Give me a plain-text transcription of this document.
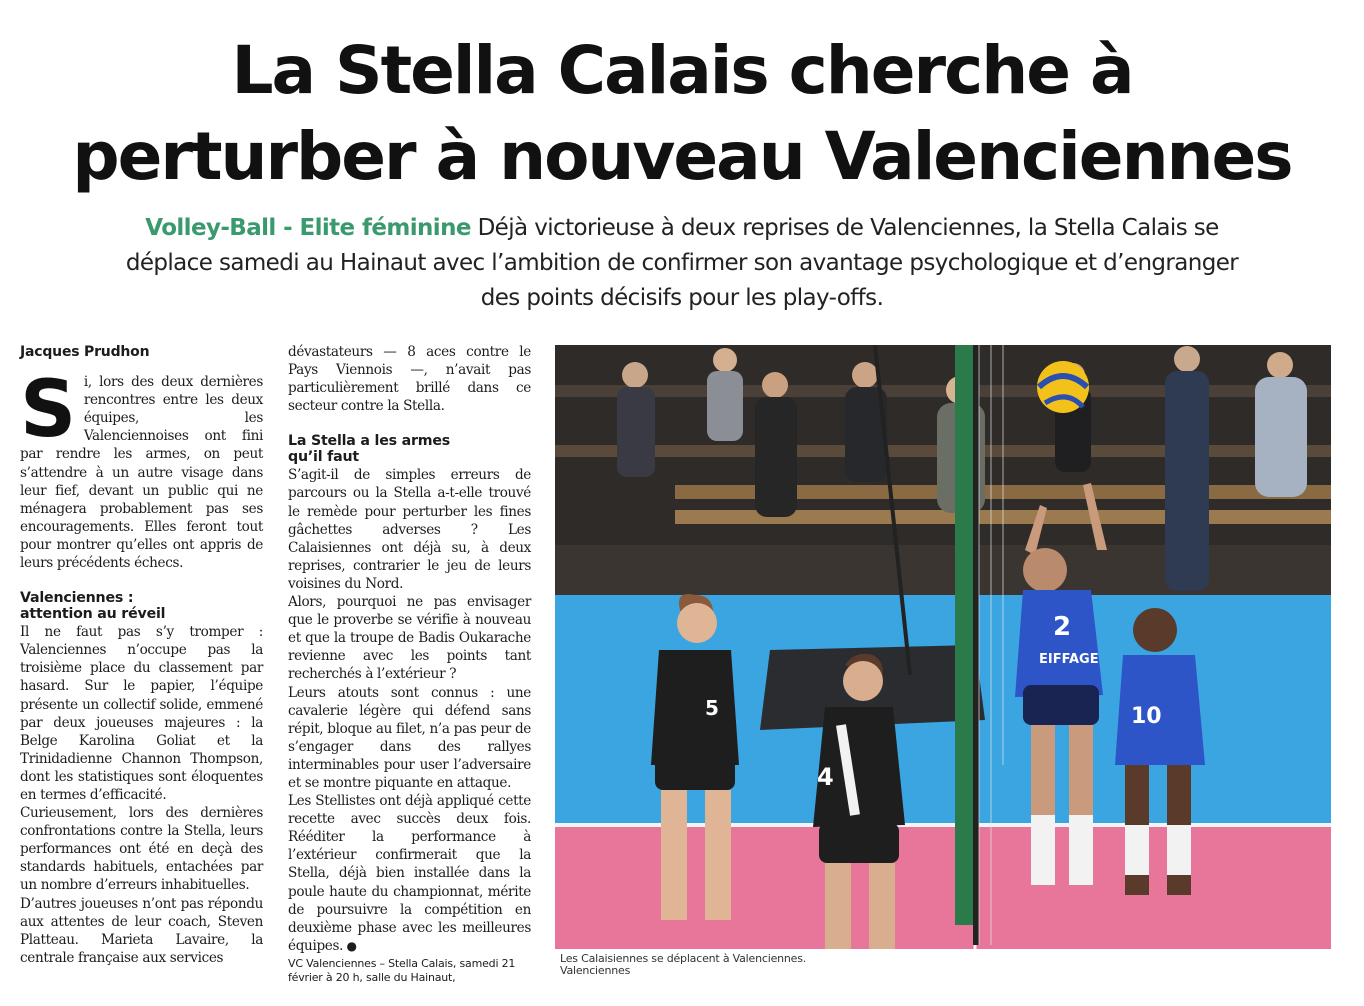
La Stella Calais cherche à
perturber à nouveau Valenciennes

Volley-Ball - Elite féminine Déjà victorieuse à deux reprises de Valenciennes, la Stella Calais se déplace samedi au Hainaut avec l’ambition de confirmer son avantage psychologique et d’engranger des points décisifs pour les play-offs.

Jacques Prudhon

Si, lors des deux dernières rencontres entre les deux équipes, les Valenciennoises ont fini par rendre les armes, on peut s’attendre à un autre visage dans leur fief, devant un public qui ne ménagera probablement pas ses encouragements. Elles feront tout pour montrer qu’elles ont appris de leurs précédents échecs.

Valenciennes :
attention au réveil

Il ne faut pas s’y tromper : Valenciennes n’occupe pas la troisième place du classement par hasard. Sur le papier, l’équipe présente un collectif solide, emmené par deux joueuses majeures : la Belge Karolina Goliat et la Trinidadienne Channon Thompson, dont les statistiques sont éloquentes en termes d’efficacité.

Curieusement, lors des dernières confrontations contre la Stella, leurs performances ont été en deçà des standards habituels, entachées par un nombre d’erreurs inhabituelles.

D’autres joueuses n’ont pas répondu aux attentes de leur coach, Steven Platteau. Marieta Lavaire, la centrale française aux services

dévastateurs — 8 aces contre le Pays Viennois —, n’avait pas particulièrement brillé dans ce secteur contre la Stella.

La Stella a les armes
qu’il faut

S’agit-il de simples erreurs de parcours ou la Stella a-t-elle trouvé le remède pour perturber les fines gâchettes adverses ? Les Calaisiennes ont déjà su, à deux reprises, contrarier le jeu de leurs voisines du Nord.

Alors, pourquoi ne pas envisager que le proverbe se vérifie à nouveau et que la troupe de Badis Oukarache revienne avec les points tant recherchés à l’extérieur ?

Leurs atouts sont connus : une cavalerie légère qui défend sans répit, bloque au filet, n’a pas peur de s’engager dans des rallyes interminables pour user l’adversaire et se montre piquante en attaque.

Les Stellistes ont déjà appliqué cette recette avec succès deux fois. Rééditer la performance à l’extérieur confirmerait que la Stella, déjà bien installée dans la poule haute du championnat, mérite de poursuivre la compétition en deuxième phase avec les meilleures équipes. ●

VC Valenciennes – Stella Calais, samedi 21 février à 20 h, salle du Hainaut,

2
EIFFAGE
10
5
4
Les Calaisiennes se déplacent à Valenciennes.
Valenciennes
